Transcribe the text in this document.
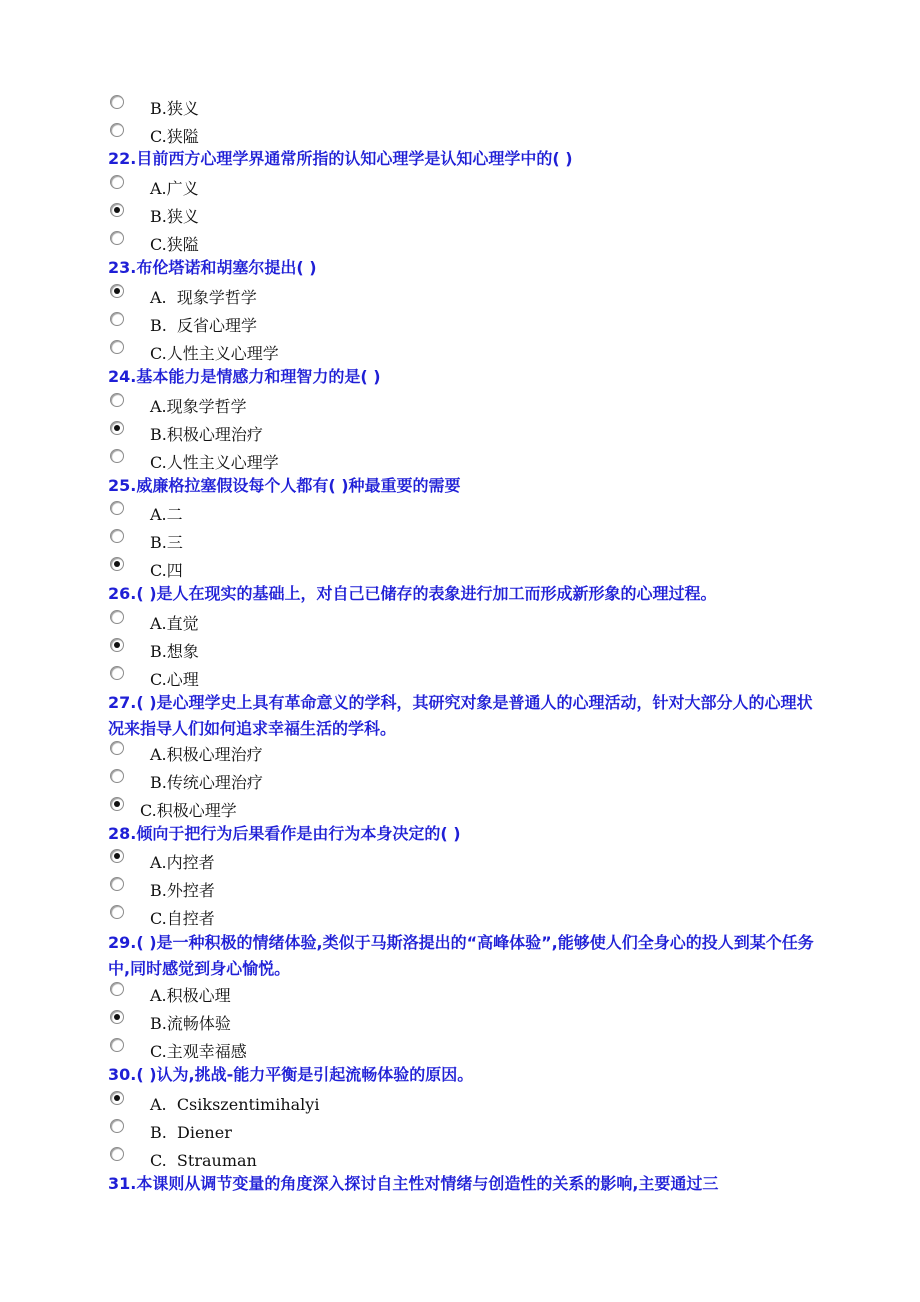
B.狭义
C.狭隘
22.目前西方心理学界通常所指的认知心理学是认知心理学中的( )
A.广义
B.狭义
C.狭隘
23.布伦塔诺和胡塞尔提出( )
A.  现象学哲学
B.  反省心理学
C.人性主义心理学
24.基本能力是情感力和理智力的是( )
A.现象学哲学
B.积极心理治疗
C.人性主义心理学
25.威廉格拉塞假设每个人都有( )种最重要的需要
A.二
B.三
C.四
26.( )是人在现实的基础上，对自己已储存的表象进行加工而形成新形象的心理过程。
A.直觉
B.想象
C.心理
27.( )是心理学史上具有革命意义的学科，其研究对象是普通人的心理活动，针对大部分人的心理状况来指导人们如何追求幸福生活的学科。
A.积极心理治疗
B.传统心理治疗
C.积极心理学
28.倾向于把行为后果看作是由行为本身决定的( )
A.内控者
B.外控者
C.自控者
29.( )是一种积极的情绪体验,类似于马斯洛提出的“高峰体验”,能够使人们全身心的投人到某个任务中,同时感觉到身心愉悦。
A.积极心理
B.流畅体验
C.主观幸福感
30.( )认为,挑战-能力平衡是引起流畅体验的原因。
A.  Csikszentimihalyi
B.  Diener
C.  Strauman
31.本课则从调节变量的角度深入探讨自主性对情绪与创造性的关系的影响,主要通过三
